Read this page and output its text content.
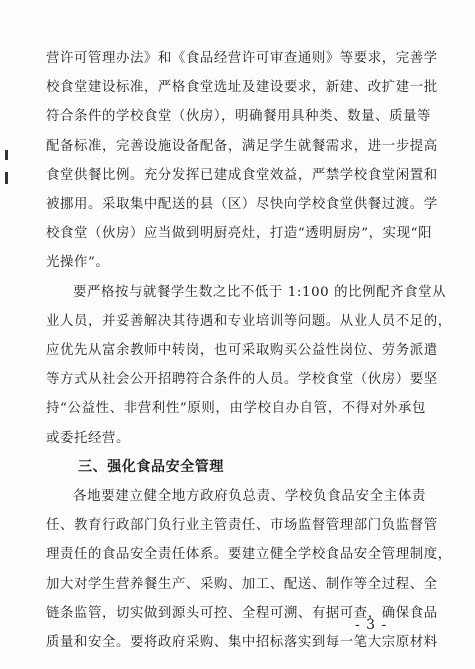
营许可管理办法》和《食品经营许可审查通则》等要求，完善学
校食堂建设标准，严格食堂选址及建设要求，新建、改扩建一批
符合条件的学校食堂（伙房），明确餐用具种类、数量、质量等
配备标准，完善设施设备配备，满足学生就餐需求，进一步提高
食堂供餐比例。充分发挥已建成食堂效益，严禁学校食堂闲置和
被挪用。采取集中配送的县（区）尽快向学校食堂供餐过渡。学
校食堂（伙房）应当做到明厨亮灶，打造“透明厨房”，实现“阳
光操作”。
要严格按与就餐学生数之比不低于 1:100 的比例配齐食堂从
业人员，并妥善解决其待遇和专业培训等问题。从业人员不足的，
应优先从富余教师中转岗，也可采取购买公益性岗位、劳务派遣
等方式从社会公开招聘符合条件的人员。学校食堂（伙房）要坚
持“公益性、非营利性”原则，由学校自办自管，不得对外承包
或委托经营。

三、强化食品安全管理

各地要建立健全地方政府负总责、学校负食品安全主体责
任、教育行政部门负行业主管责任、市场监督管理部门负监督管
理责任的食品安全责任体系。要建立健全学校食品安全管理制度，
加大对学生营养餐生产、采购、加工、配送、制作等全过程、全
链条监管，切实做到源头可控、全程可溯、有据可查，确保食品
质量和安全。要将政府采购、集中招标落实到每一笔大宗原材料
- 3 -
